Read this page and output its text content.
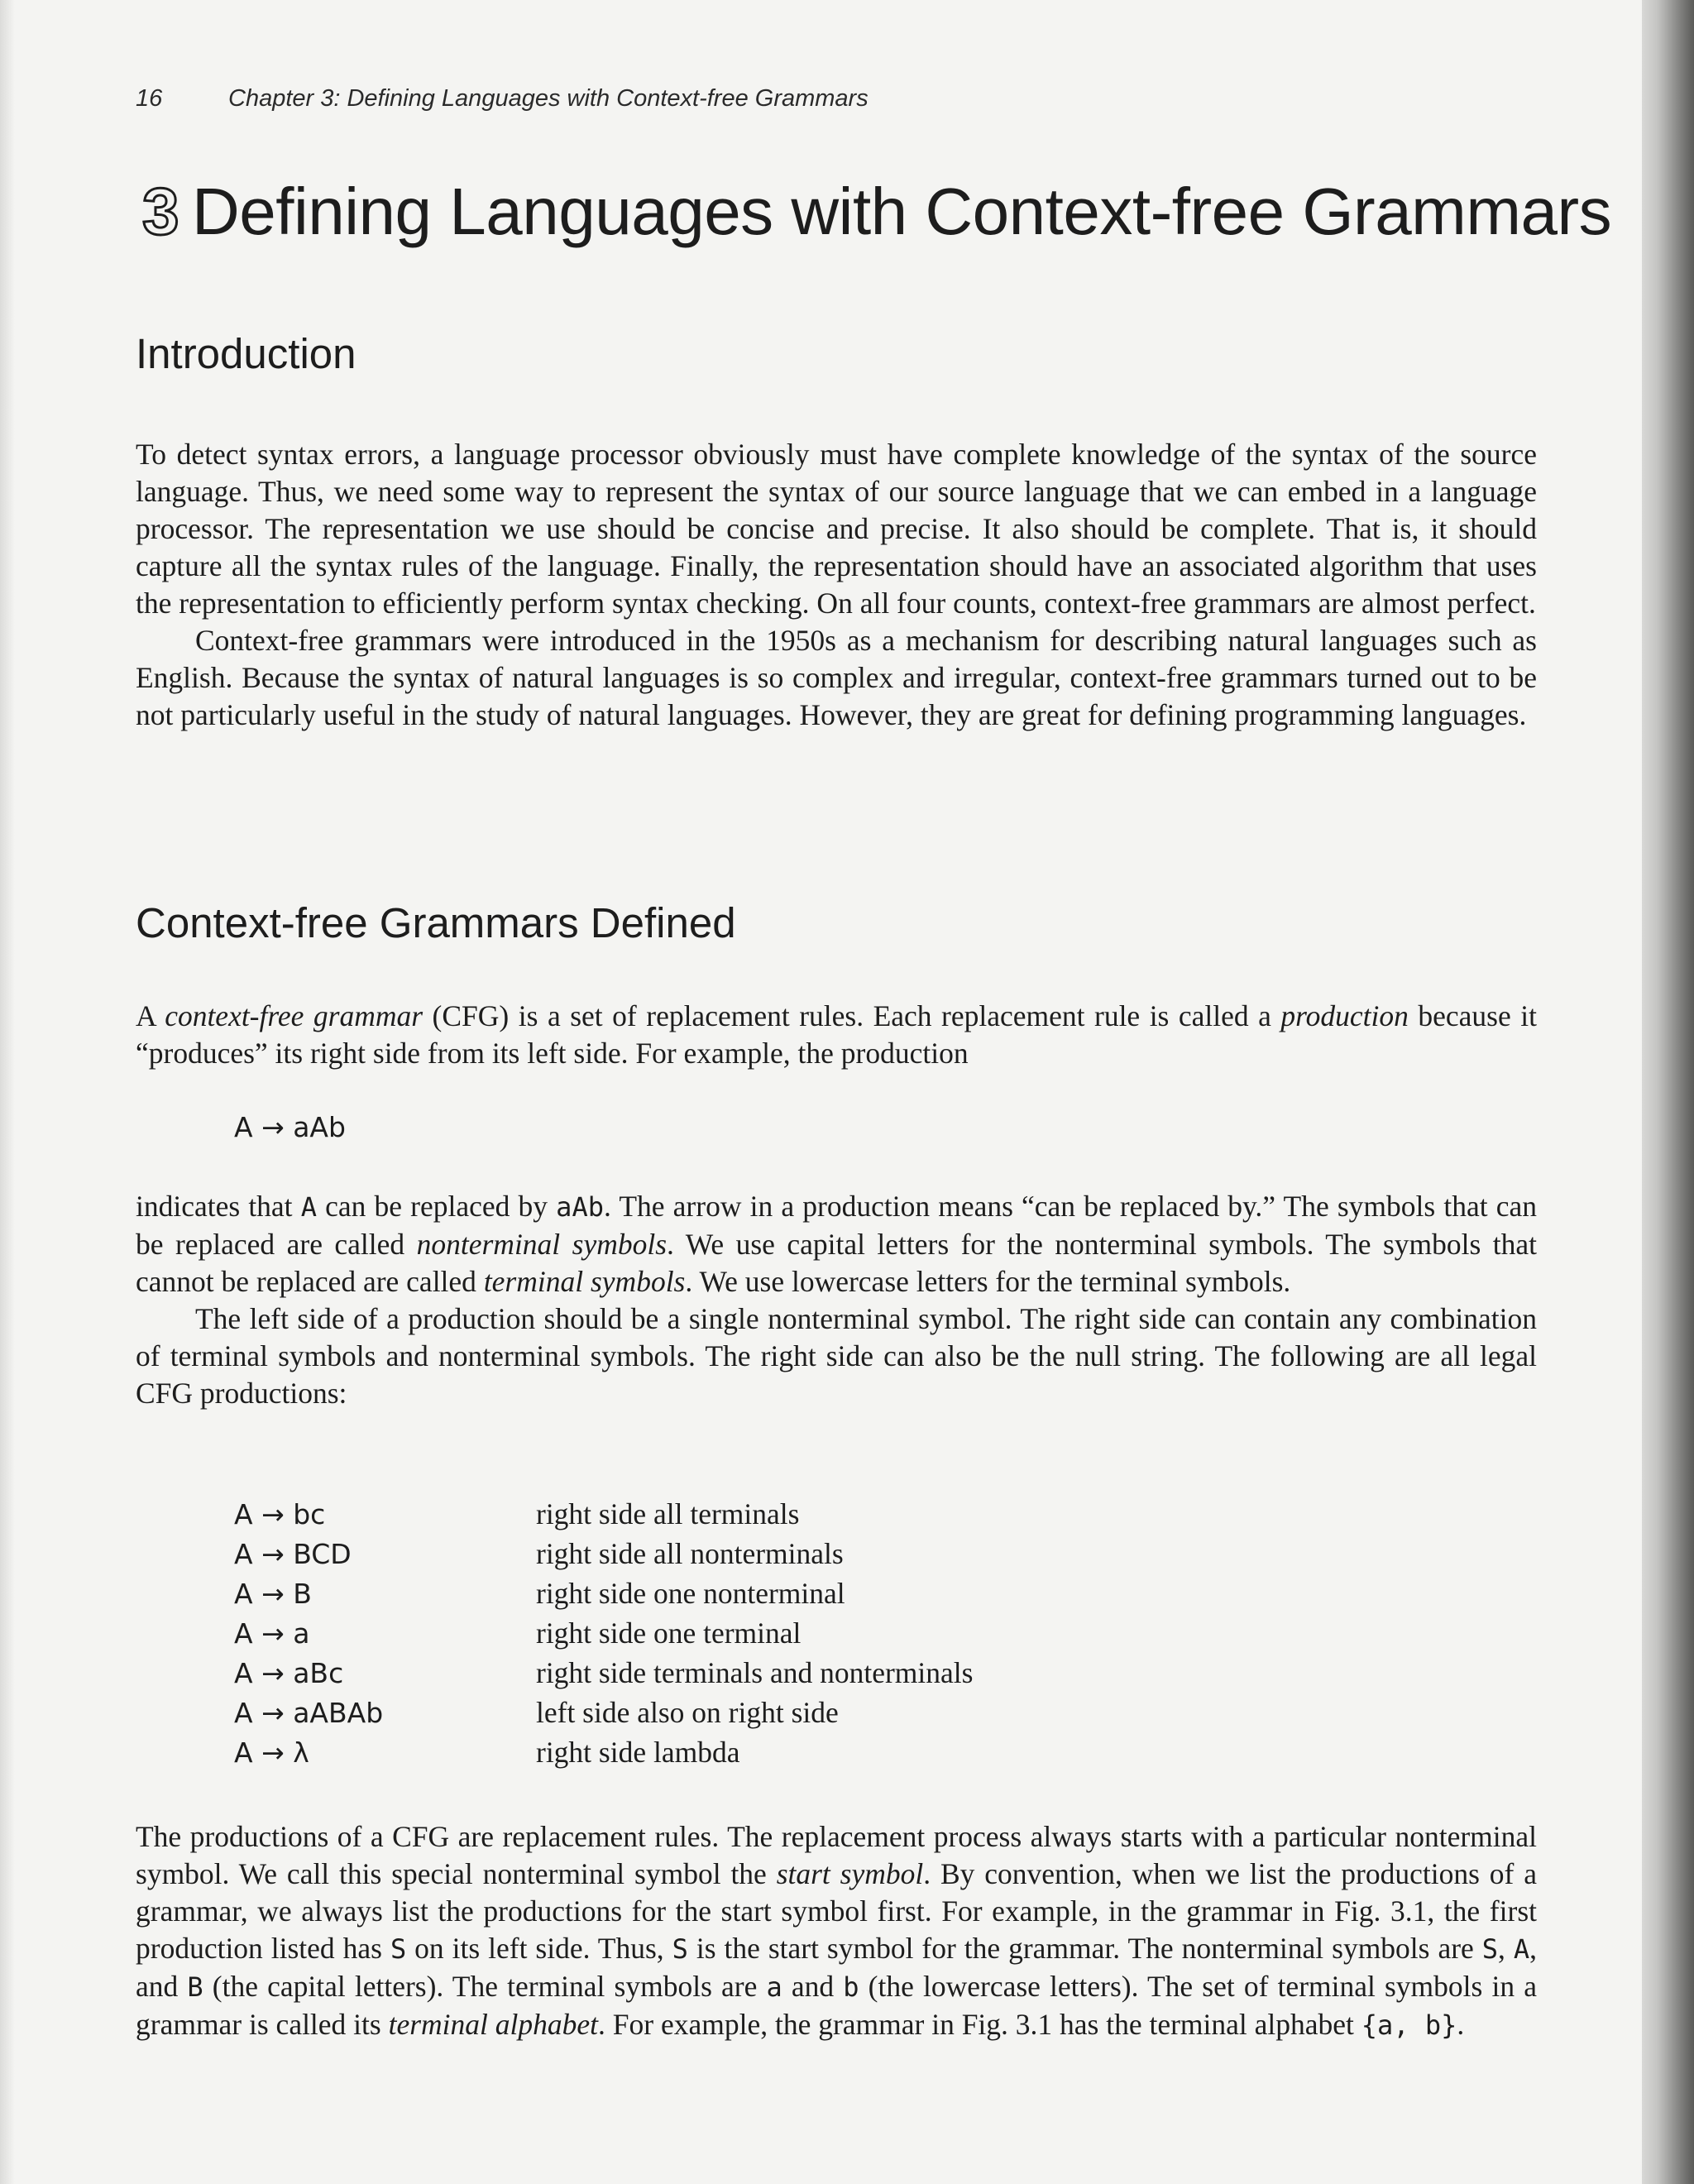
16	Chapter 3: Defining Languages with Context-free Grammars
3 Defining Languages with Context-free Grammars
Introduction

To detect syntax errors, a language processor obviously must have complete knowledge of the syntax of the source language. Thus, we need some way to represent the syntax of our source language that we can embed in a language processor. The representation we use should be concise and precise. It also should be complete. That is, it should capture all the syntax rules of the language. Finally, the representation should have an associated algorithm that uses the representation to efficiently perform syntax checking. On all four counts, context-free grammars are almost perfect.

Context-free grammars were introduced in the 1950s as a mechanism for describing natural languages such as English. Because the syntax of natural languages is so complex and irregular, context-free grammars turned out to be not particularly useful in the study of natural languages. However, they are great for defining programming languages.

Context-free Grammars Defined

A context-free grammar (CFG) is a set of replacement rules. Each replacement rule is called a production because it “produces” its right side from its left side. For example, the production

A → aAb

indicates that A can be replaced by aAb. The arrow in a production means “can be replaced by.” The symbols that can be replaced are called nonterminal symbols. We use capital letters for the nonterminal symbols. The symbols that cannot be replaced are called terminal symbols. We use lowercase letters for the terminal symbols.

The left side of a production should be a single nonterminal symbol. The right side can contain any combination of terminal symbols and nonterminal symbols. The right side can also be the null string. The following are all legal CFG productions:

A → bc	right side all terminals
A → BCD	right side all nonterminals
A → B	right side one nonterminal
A → a	right side one terminal
A → aBc	right side terminals and nonterminals
A → aABAb	left side also on right side
A → λ	right side lambda

The productions of a CFG are replacement rules. The replacement process always starts with a particular nonterminal symbol. We call this special nonterminal symbol the start symbol. By convention, when we list the productions of a grammar, we always list the productions for the start symbol first. For example, in the grammar in Fig. 3.1, the first production listed has S on its left side. Thus, S is the start symbol for the grammar. The nonterminal symbols are S, A, and B (the capital letters). The terminal symbols are a and b (the lowercase letters). The set of terminal symbols in a grammar is called its terminal alphabet. For example, the grammar in Fig. 3.1 has the terminal alphabet {a, b}.
